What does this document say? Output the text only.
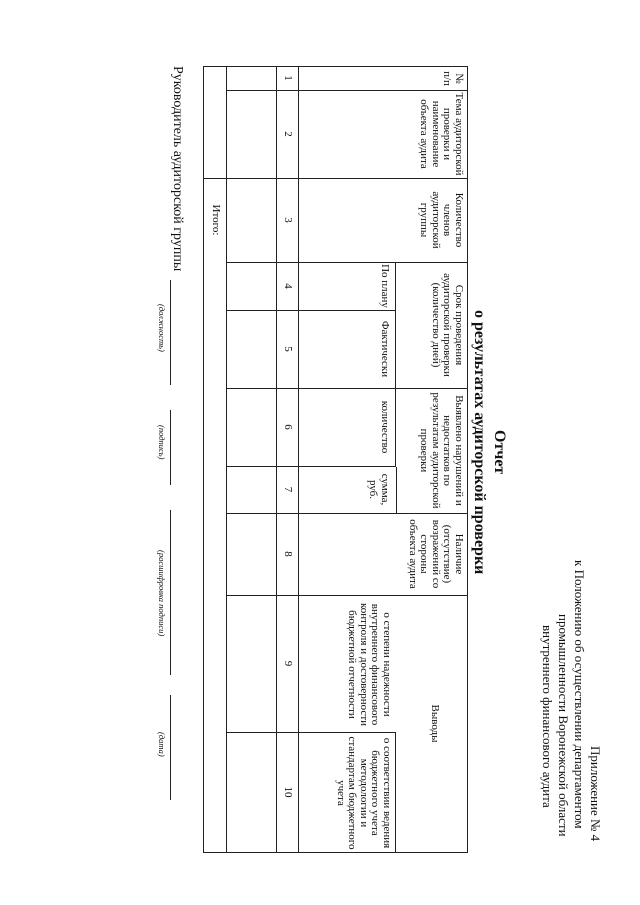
Приложение № 4
к Положению об осуществлении департаментом
промышленности Воронежской области
внутреннего финансового аудита
Отчет
о результатах аудиторской проверки
№ п/п
Тема аудиторской проверки и наименование объекта аудита
Количество членов аудиторской группы
Срок проведения аудиторской проверки (количество дней)
По плану
Фактически
Выявлено нарушений и недостатков по результатам аудиторской проверки
количество
сумма, руб.
Наличие (отсутствие) возражений со стороны объекта аудита
Выводы
о степени надежности внутреннего финансового контроля и достоверности бюджетной отчетности
о соответствии ведения бюджетного учета методологии и стандартам бюджетного учета
1
2
3
4
5
6
7
8
9
10
Итого:
Руководитель аудиторской группы
(должность)
(подпись)
(расшифровка подписи)
(дата)
